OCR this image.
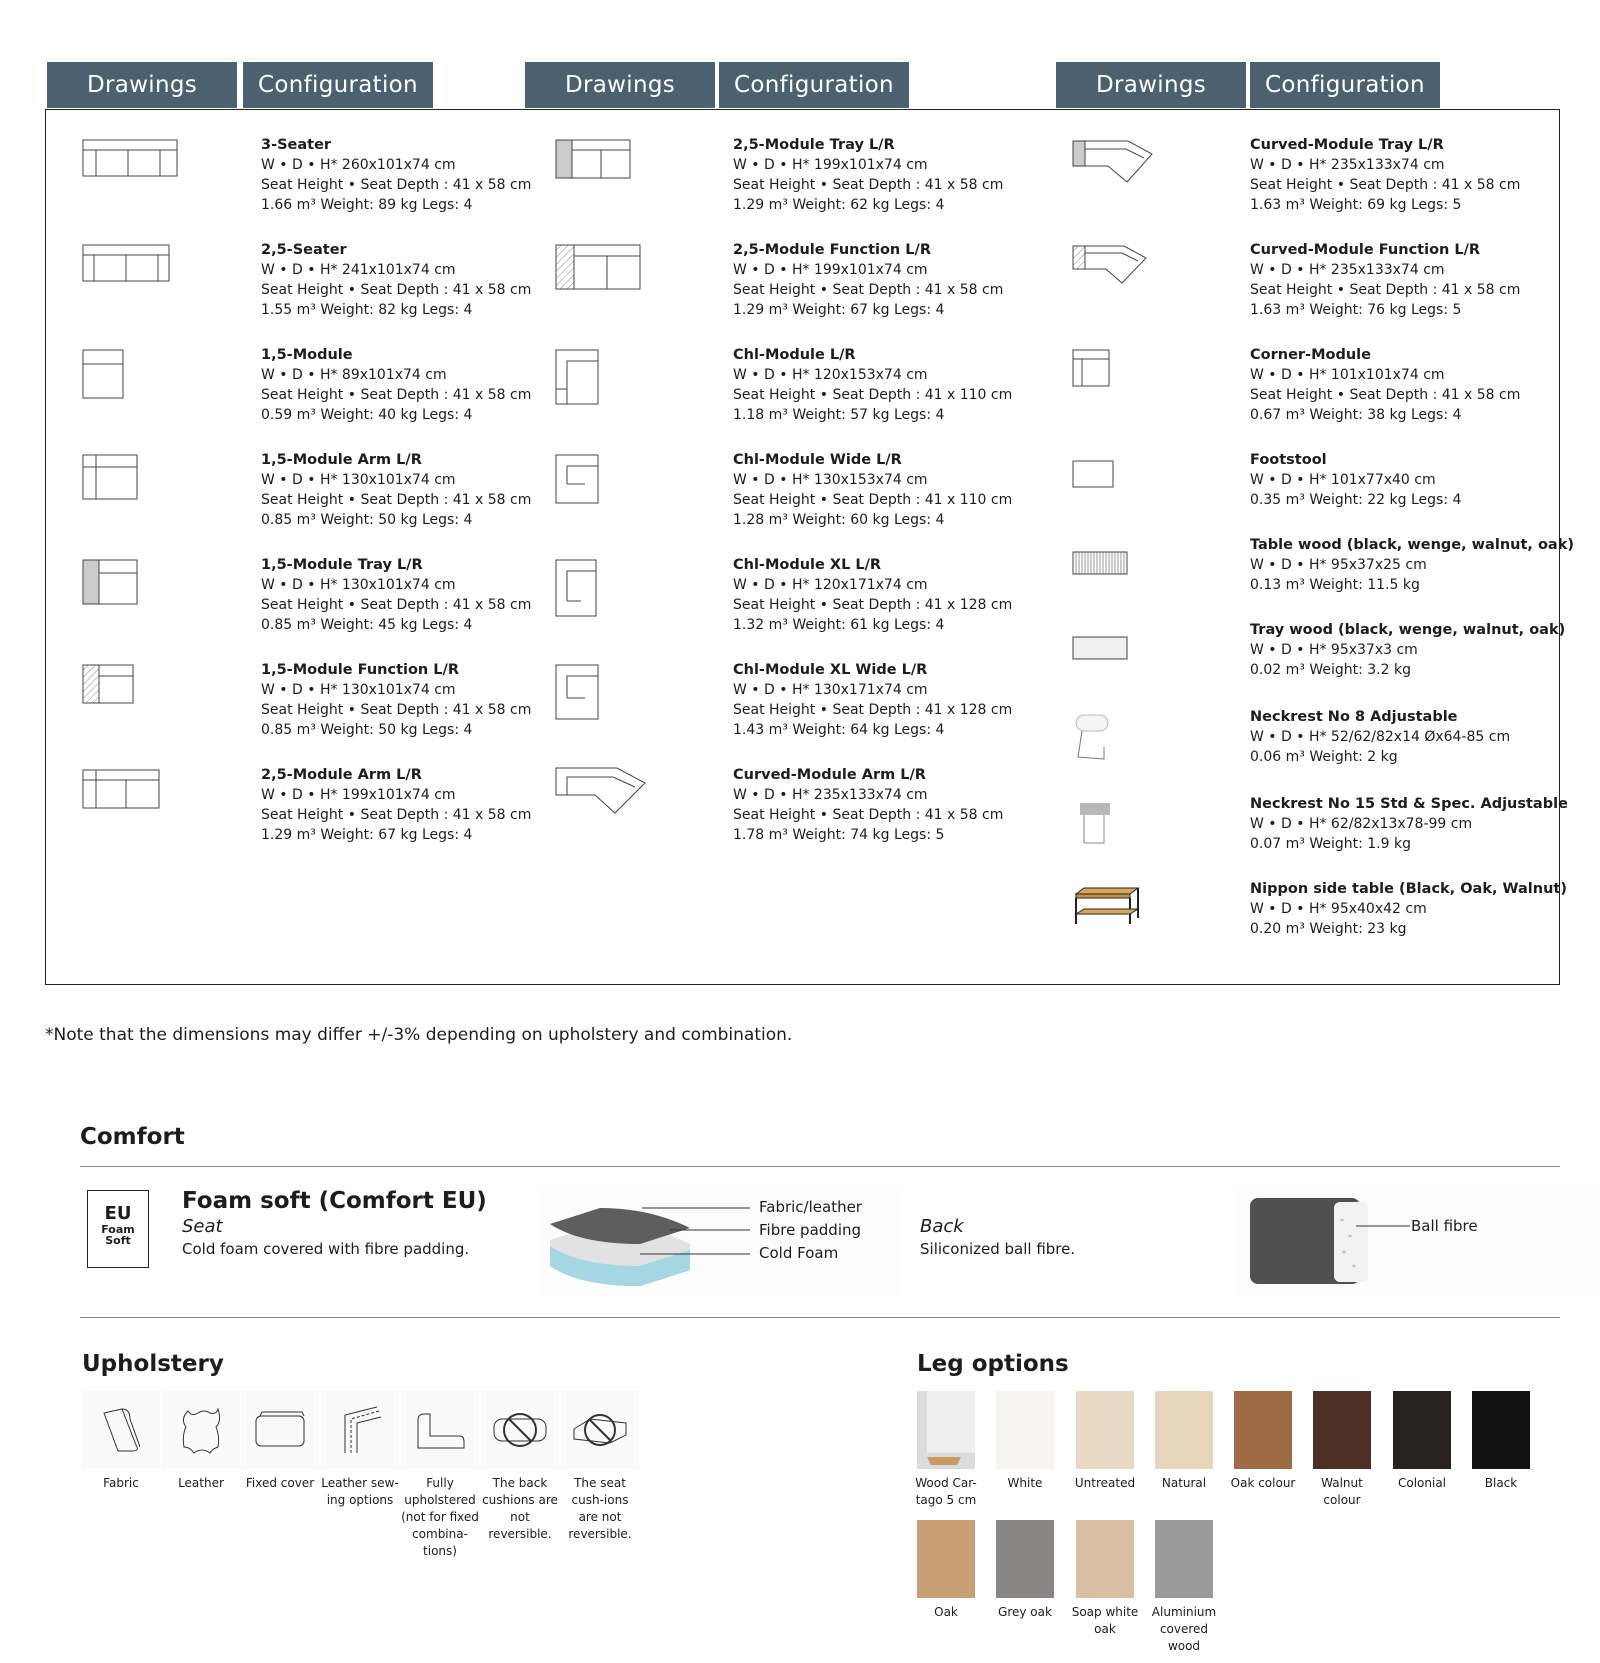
Drawings	Configuration	Drawings	Configuration	Drawings	Configuration
3-Seater
W • D • H* 260x101x74 cm
Seat Height • Seat Depth : 41 x 58 cm
1.66 m³ Weight: 89 kg Legs: 4
2,5-Seater
W • D • H* 241x101x74 cm
Seat Height • Seat Depth : 41 x 58 cm
1.55 m³ Weight: 82 kg Legs: 4
1,5-Module
W • D • H* 89x101x74 cm
Seat Height • Seat Depth : 41 x 58 cm
0.59 m³ Weight: 40 kg Legs: 4
1,5-Module Arm L/R
W • D • H* 130x101x74 cm
Seat Height • Seat Depth : 41 x 58 cm
0.85 m³ Weight: 50 kg Legs: 4
1,5-Module Tray L/R
W • D • H* 130x101x74 cm
Seat Height • Seat Depth : 41 x 58 cm
0.85 m³ Weight: 45 kg Legs: 4
1,5-Module Function L/R
W • D • H* 130x101x74 cm
Seat Height • Seat Depth : 41 x 58 cm
0.85 m³ Weight: 50 kg Legs: 4
2,5-Module Arm L/R
W • D • H* 199x101x74 cm
Seat Height • Seat Depth : 41 x 58 cm
1.29 m³ Weight: 67 kg Legs: 4
2,5-Module Tray L/R
W • D • H* 199x101x74 cm
Seat Height • Seat Depth : 41 x 58 cm
1.29 m³ Weight: 62 kg Legs: 4
2,5-Module Function L/R
W • D • H* 199x101x74 cm
Seat Height • Seat Depth : 41 x 58 cm
1.29 m³ Weight: 67 kg Legs: 4
Chl-Module L/R
W • D • H* 120x153x74 cm
Seat Height • Seat Depth : 41 x 110 cm
1.18 m³ Weight: 57 kg Legs: 4
Chl-Module Wide L/R
W • D • H* 130x153x74 cm
Seat Height • Seat Depth : 41 x 110 cm
1.28 m³ Weight: 60 kg Legs: 4
Chl-Module XL L/R
W • D • H* 120x171x74 cm
Seat Height • Seat Depth : 41 x 128 cm
1.32 m³ Weight: 61 kg Legs: 4
Chl-Module XL Wide L/R
W • D • H* 130x171x74 cm
Seat Height • Seat Depth : 41 x 128 cm
1.43 m³ Weight: 64 kg Legs: 4
Curved-Module Arm L/R
W • D • H* 235x133x74 cm
Seat Height • Seat Depth : 41 x 58 cm
1.78 m³ Weight: 74 kg Legs: 5
Curved-Module Tray L/R
W • D • H* 235x133x74 cm
Seat Height • Seat Depth : 41 x 58 cm
1.63 m³ Weight: 69 kg Legs: 5
Curved-Module Function L/R
W • D • H* 235x133x74 cm
Seat Height • Seat Depth : 41 x 58 cm
1.63 m³ Weight: 76 kg Legs: 5
Corner-Module
W • D • H* 101x101x74 cm
Seat Height • Seat Depth : 41 x 58 cm
0.67 m³ Weight: 38 kg Legs: 4
Footstool
W • D • H* 101x77x40 cm
0.35 m³ Weight: 22 kg Legs: 4
Table wood (black, wenge, walnut, oak)
W • D • H* 95x37x25 cm
0.13 m³ Weight: 11.5 kg
Tray wood (black, wenge, walnut, oak)
W • D • H* 95x37x3 cm
0.02 m³ Weight: 3.2 kg
Neckrest No 8 Adjustable
W • D • H* 52/62/82x14 Øx64-85 cm
0.06 m³ Weight: 2 kg
Neckrest No 15 Std & Spec. Adjustable
W • D • H* 62/82x13x78-99 cm
0.07 m³ Weight: 1.9 kg
Nippon side table (Black, Oak, Walnut)
W • D • H* 95x40x42 cm
0.20 m³ Weight: 23 kg
*Note that the dimensions may differ +/-3% depending on upholstery and combination.
Comfort
EU
Foam
Soft
Foam soft (Comfort EU)
Seat
Cold foam covered with fibre padding.
Fabric/leather
Fibre padding
Cold Foam
Back
Siliconized ball fibre.
Ball fibre
Upholstery
Fabric	Leather	Fixed cover Leather sew-ing options
Fully upholstered (not for fixed combina-tions)
The back cushions are not reversible.
The seat cush-ions are not reversible.
Leg options
Wood Car-tago 5 cm
White	Untreated	Natural	Oak colour	Walnut colour
Colonial	Black
Oak	Grey oak	Soap white oak
Aluminium covered wood
